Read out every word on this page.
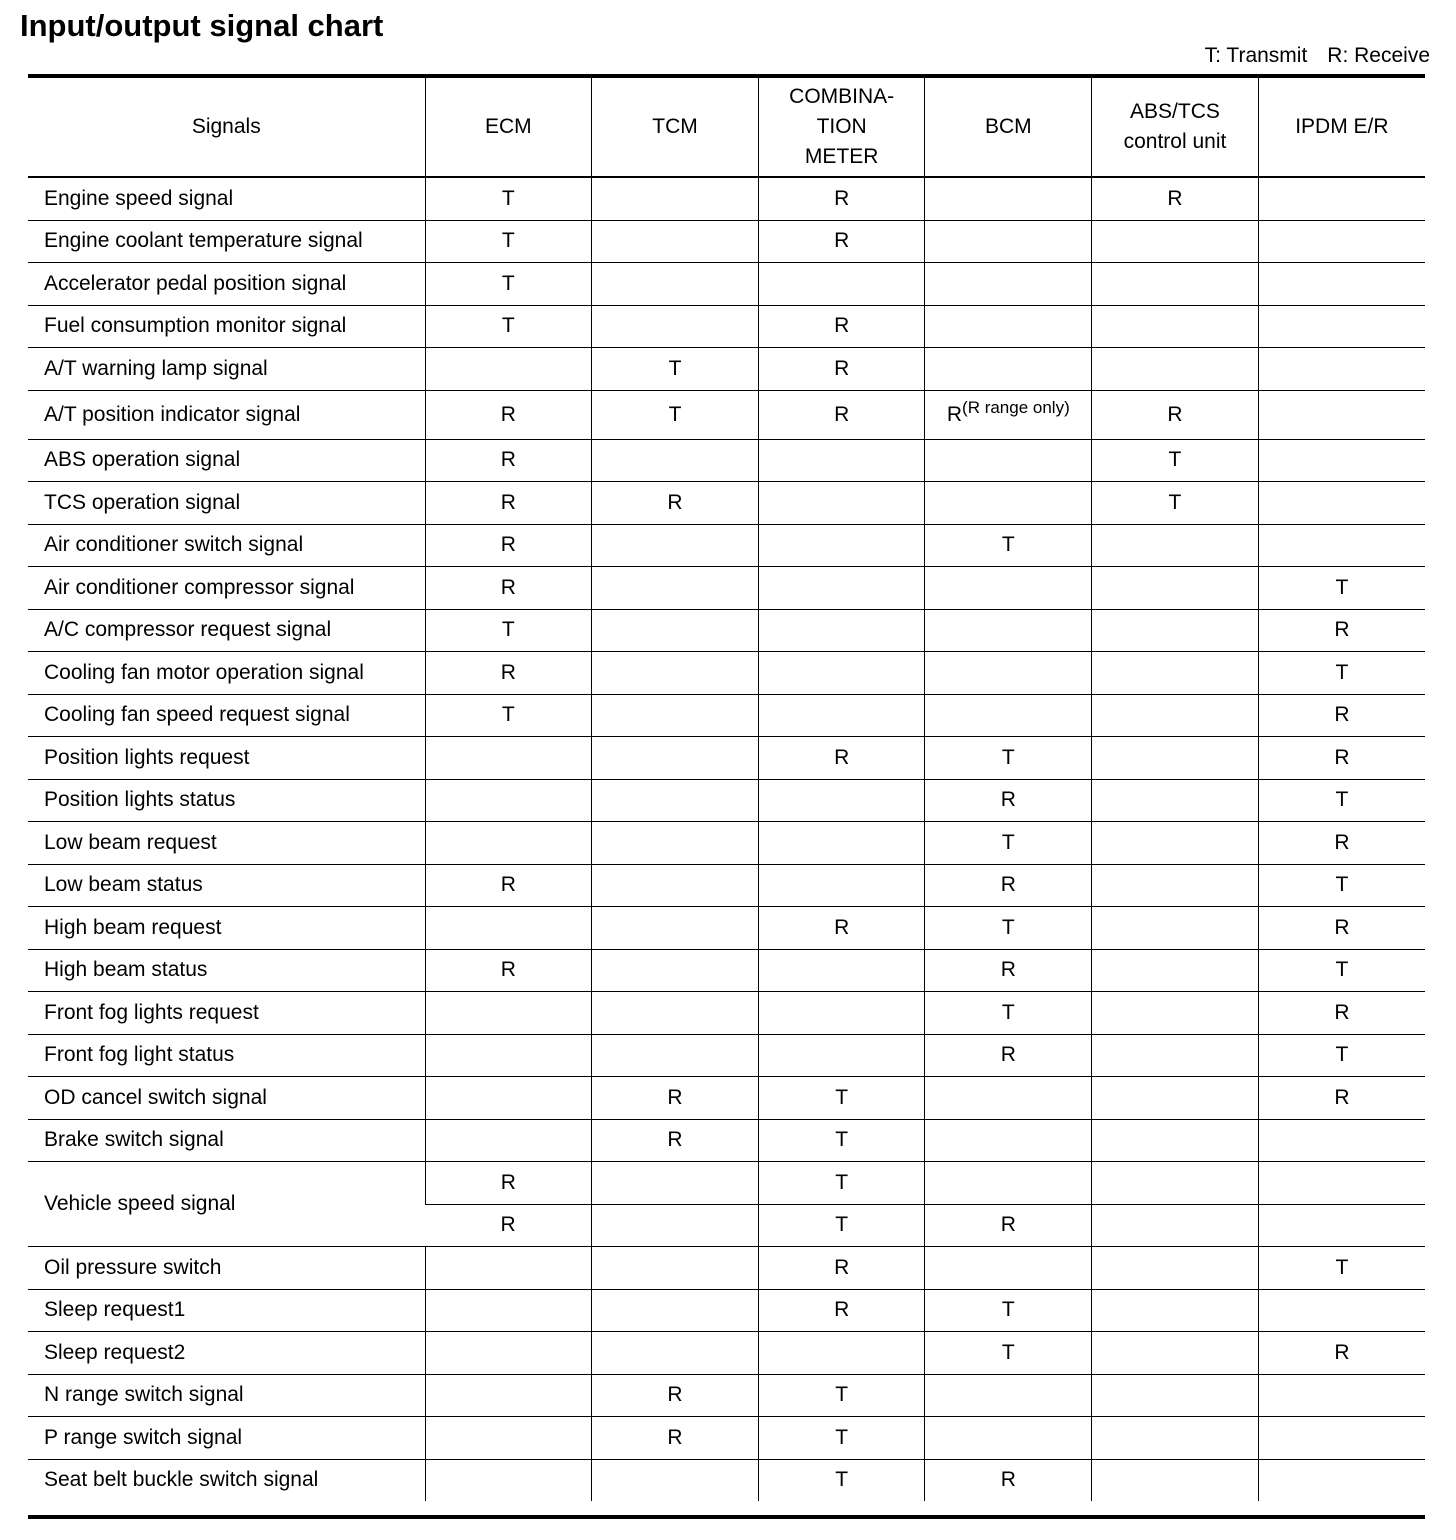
Input/output signal chart
T: Transmit R: Receive
Signals	ECM	TCM	COMBINA-
TION
METER	BCM	ABS/TCS
control unit	IPDM E/R

Engine speed signal	T		R		R	
Engine coolant temperature signal	T		R			
Accelerator pedal position signal	T					
Fuel consumption monitor signal	T		R			
A/T warning lamp signal		T	R			
A/T position indicator signal	R	T	R	$R^{(R range only)}$	R	
ABS operation signal	R				T	
TCS operation signal	R	R			T	
Air conditioner switch signal	R			T		
Air conditioner compressor signal	R					T
A/C compressor request signal	T					R
Cooling fan motor operation signal	R					T
Cooling fan speed request signal	T					R
Position lights request			R	T		R
Position lights status				R		T
Low beam request				T		R
Low beam status	R			R		T
High beam request			R	T		R
High beam status	R			R		T
Front fog lights request				T		R
Front fog light status				R		T
OD cancel switch signal		R	T			R
Brake switch signal		R	T			
Vehicle speed signal	R		T			
	R		T	R		
Oil pressure switch			R			T
Sleep request1			R	T		
Sleep request2				T		R
N range switch signal		R	T			
P range switch signal		R	T			
Seat belt buckle switch signal			T	R		
